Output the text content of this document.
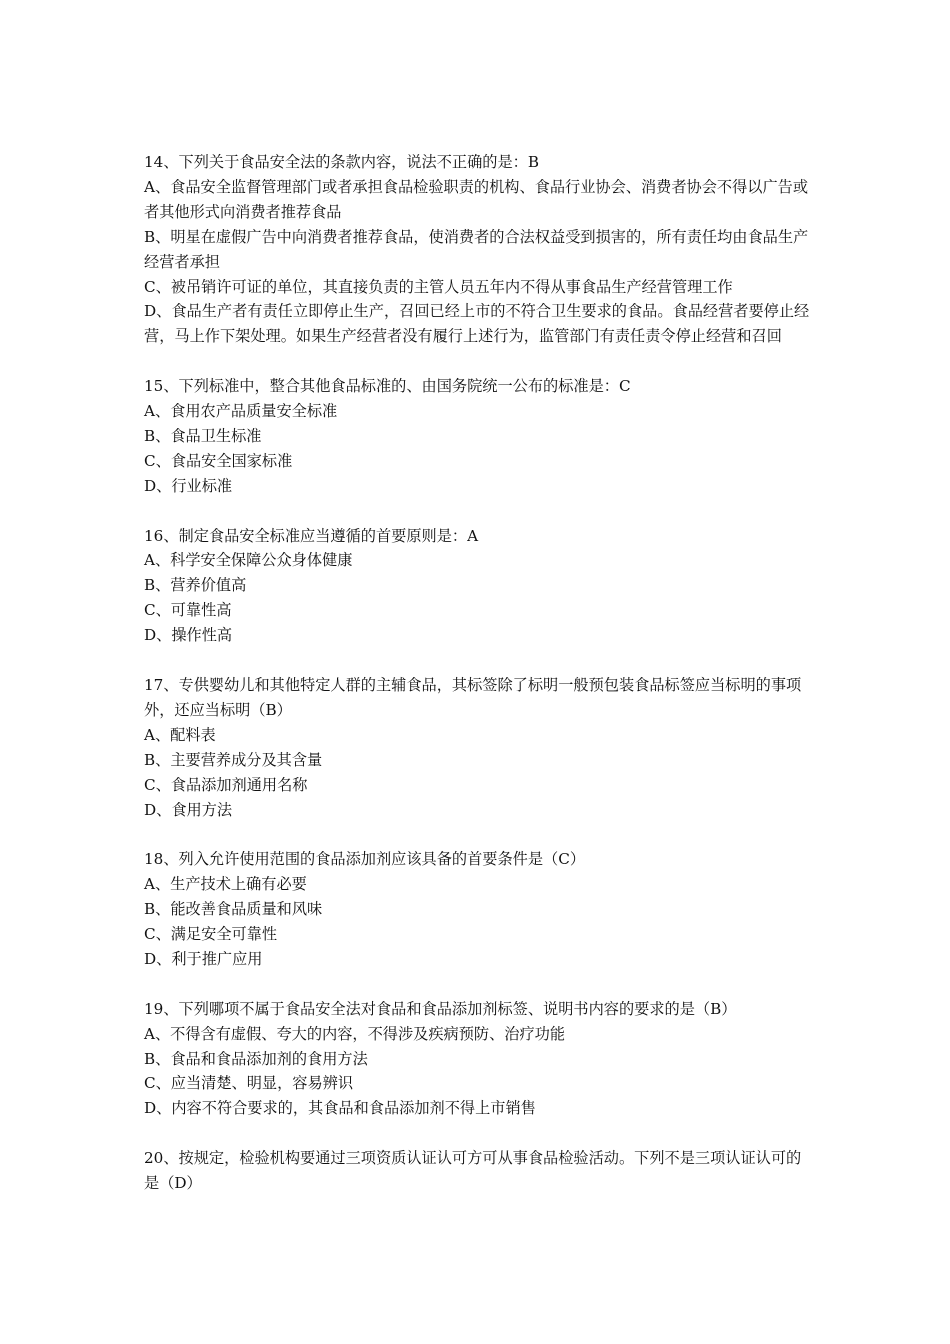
14、下列关于食品安全法的条款内容，说法不正确的是：B

A、食品安全监督管理部门或者承担食品检验职责的机构、食品行业协会、消费者协会不得以广告或者其他形式向消费者推荐食品

B、明星在虚假广告中向消费者推荐食品，使消费者的合法权益受到损害的，所有责任均由食品生产经营者承担

C、被吊销许可证的单位，其直接负责的主管人员五年内不得从事食品生产经营管理工作

D、食品生产者有责任立即停止生产，召回已经上市的不符合卫生要求的食品。食品经营者要停止经营，马上作下架处理。如果生产经营者没有履行上述行为，监管部门有责任责令停止经营和召回

15、下列标准中，整合其他食品标准的、由国务院统一公布的标准是：C

A、食用农产品质量安全标准

B、食品卫生标准

C、食品安全国家标准

D、行业标准

16、制定食品安全标准应当遵循的首要原则是：A

A、科学安全保障公众身体健康

B、营养价值高

C、可靠性高

D、操作性高

17、专供婴幼儿和其他特定人群的主辅食品，其标签除了标明一般预包装食品标签应当标明的事项外，还应当标明（B）

A、配料表

B、主要营养成分及其含量

C、食品添加剂通用名称

D、食用方法

18、列入允许使用范围的食品添加剂应该具备的首要条件是（C）

A、生产技术上确有必要

B、能改善食品质量和风味

C、满足安全可靠性

D、利于推广应用

19、下列哪项不属于食品安全法对食品和食品添加剂标签、说明书内容的要求的是（B）

A、不得含有虚假、夸大的内容，不得涉及疾病预防、治疗功能

B、食品和食品添加剂的食用方法

C、应当清楚、明显，容易辨识

D、内容不符合要求的，其食品和食品添加剂不得上市销售

20、按规定，检验机构要通过三项资质认证认可方可从事食品检验活动。下列不是三项认证认可的是（D）
